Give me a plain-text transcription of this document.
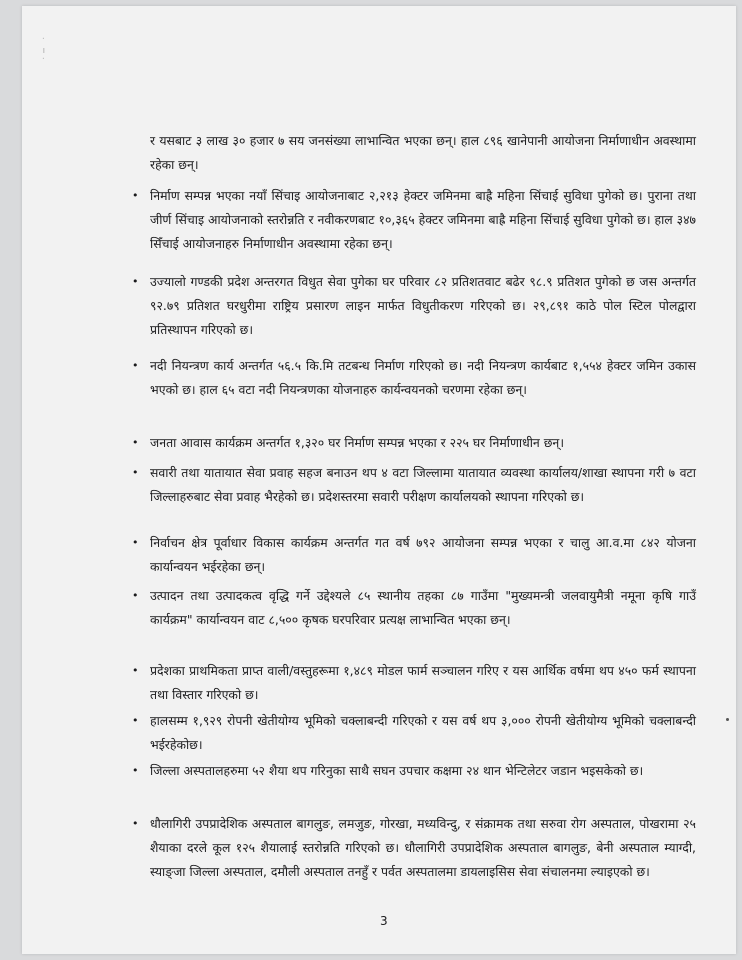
ॱ
।
ॱ

र यसबाट ३ लाख ३० हजार ७ सय जनसंख्या लाभान्वित भएका छन्। हाल ८९६ खानेपानी आयोजना निर्माणाधीन अवस्थामा रहेका छन्।

• निर्माण सम्पन्न भएका नयाँ सिंचाइ आयोजनाबाट २,२१३ हेक्टर जमिनमा बाह्रै महिना सिंचाई सुविधा पुगेको छ। पुराना तथा जीर्ण सिंचाइ आयोजनाको स्तरोन्नति र नवीकरणबाट १०,३६५ हेक्टर जमिनमा बाह्रै महिना सिंचाई सुविधा पुगेको छ। हाल ३४७ सिँचाई आयोजनाहरु निर्माणाधीन अवस्थामा रहेका छन्।

• उज्यालो गण्डकी प्रदेश अन्तरगत विधुत सेवा पुगेका घर परिवार ८२ प्रतिशतवाट बढेर ९८.९ प्रतिशत पुगेको छ जस अन्तर्गत ९२.७९ प्रतिशत घरधुरीमा राष्ट्रिय प्रसारण लाइन मार्फत विधुतीकरण गरिएको छ। २९,८९१ काठे पोल स्टिल पोलद्वारा प्रतिस्थापन गरिएको छ।

• नदी नियन्त्रण कार्य अन्तर्गत ५६.५ कि.मि तटबन्ध निर्माण गरिएको छ। नदी नियन्त्रण कार्यबाट १,५५४ हेक्टर जमिन उकास भएको छ। हाल ६५ वटा नदी नियन्त्रणका योजनाहरु कार्यन्वयनको चरणमा रहेका छन्।

• जनता आवास कार्यक्रम अन्तर्गत १,३२० घर निर्माण सम्पन्न भएका र २२५ घर निर्माणाधीन छन्।

• सवारी तथा यातायात सेवा प्रवाह सहज बनाउन थप ४ वटा जिल्लामा यातायात व्यवस्था कार्यालय/शाखा स्थापना गरी ७ वटा जिल्लाहरुबाट सेवा प्रवाह भैरहेको छ। प्रदेशस्तरमा सवारी परीक्षण कार्यालयको स्थापना गरिएको छ।

• निर्वाचन क्षेत्र पूर्वाधार विकास कार्यक्रम अन्तर्गत गत वर्ष ७९२ आयोजना सम्पन्न भएका र चालु आ.व.मा ८४२ योजना कार्यान्वयन भईरहेका छन्।

• उत्पादन तथा उत्पादकत्व वृद्धि गर्ने उद्देश्यले ८५ स्थानीय तहका ८७ गाउँमा "मुख्यमन्त्री जलवायुमैत्री नमूना कृषि गाउँ कार्यक्रम" कार्यान्वयन वाट ८,५०० कृषक घरपरिवार प्रत्यक्ष लाभान्वित भएका छन्।

• प्रदेशका प्राथमिकता प्राप्त वाली/वस्तुहरूमा १,४८९ मोडल फार्म सञ्चालन गरिए र यस आर्थिक वर्षमा थप ४५० फर्म स्थापना तथा विस्तार गरिएको छ।

• हालसम्म १,९२९ रोपनी खेतीयोग्य भूमिको चक्लाबन्दी गरिएको र यस वर्ष थप ३,००० रोपनी खेतीयोग्य भूमिको चक्लाबन्दी भईरहेकोछ।

• जिल्ला अस्पतालहरुमा ५२ शैया थप गरिनुका साथै सघन उपचार कक्षमा २४ थान भेन्टिलेटर जडान भइसकेको छ।

• धौलागिरी उपप्रादेशिक अस्पताल बागलुङ, लमजुङ, गोरखा, मध्यविन्दु, र संक्रामक तथा सरुवा रोग अस्पताल, पोखरामा २५ शैयाका दरले कूल १२५ शैयालाई स्तरोन्नति गरिएको छ। धौलागिरी उपप्रादेशिक अस्पताल बागलुङ, बेनी अस्पताल म्याग्दी, स्याङ्जा जिल्ला अस्पताल, दमौली अस्पताल तनहुँ र पर्वत अस्पतालमा डायलाइसिस सेवा संचालनमा ल्याइएको छ।

3
